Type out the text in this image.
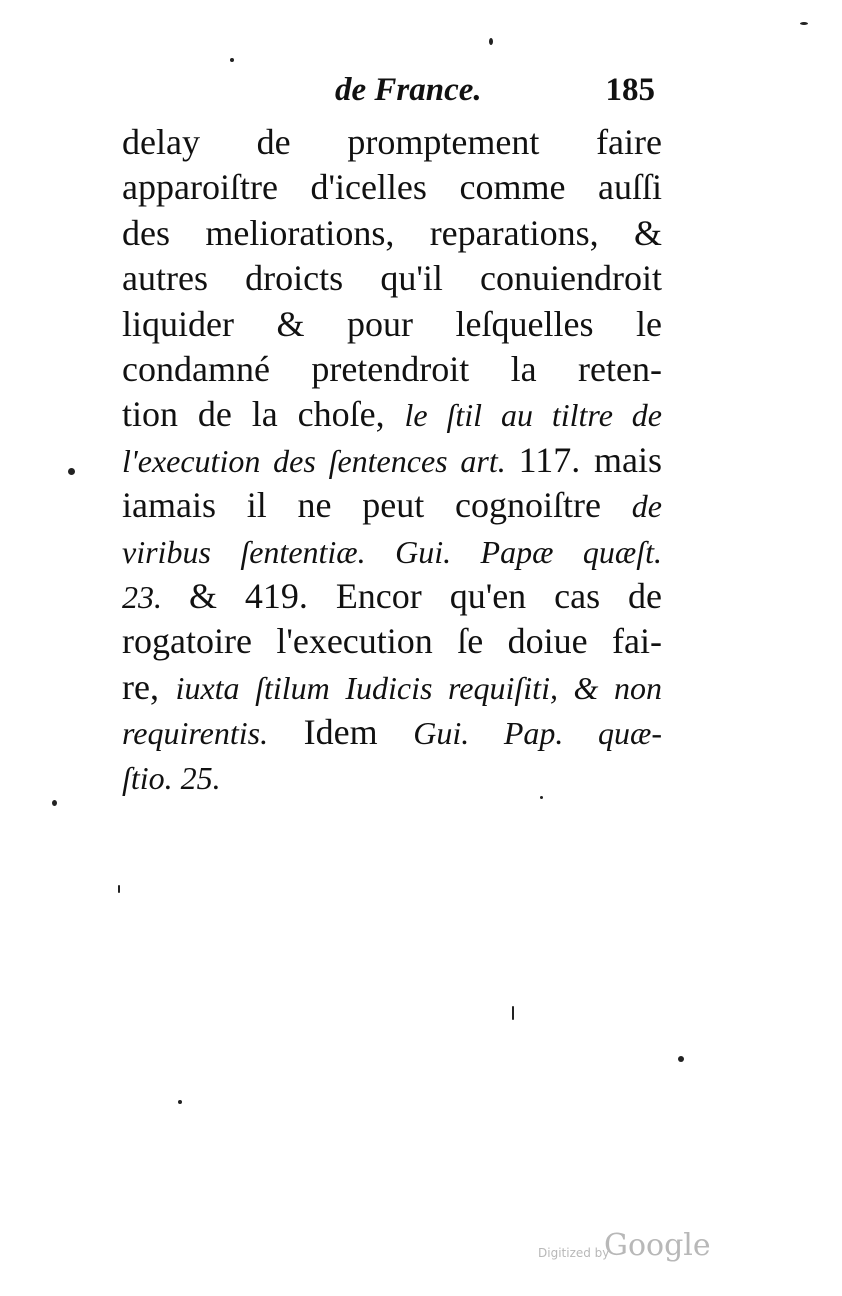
de France.	185
delay de promptement faire
apparoiſtre d'icelles comme auſſi
des meliorations, reparations, &
autres droicts qu'il conuiendroit
liquider & pour leſquelles le
condamné pretendroit la reten-
tion de la choſe, le ſtil au tiltre de
l'execution des ſentences art. 117. mais
iamais il ne peut cognoiſtre de
viribus ſententiæ. Gui. Papæ quæſt.
23. & 419. Encor qu'en cas de
rogatoire l'execution ſe doiue fai-
re, iuxta ſtilum Iudicis requiſiti, & non
requirentis. Idem Gui. Pap. quæ-
ſtio. 25.
Digitized by
Google
